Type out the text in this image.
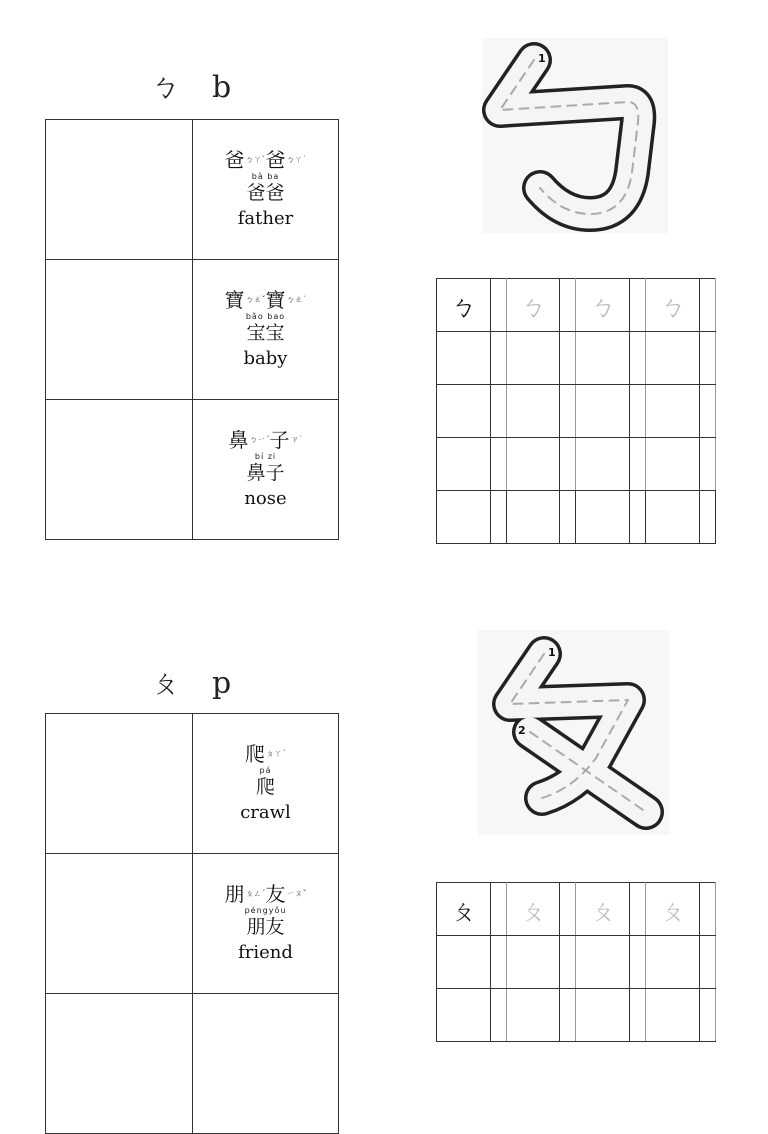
ㄅ b

	爸$^{ㄅㄚˋ}$爸$^{ㄅㄚ˙}$
bà ba
爸爸
father

	寶$^{ㄅㄠˇ}$寶$^{ㄅㄠ˙}$
bǎo bao
宝宝
baby

	鼻$^{ㄅㄧˊ}$子$^{ㄗ˙}$
bí zi
鼻子
nose
1
ㄅ		ㄅ		ㄅ		ㄅ	

ㄆ p

	爬$^{ㄆㄚˊ}$
pá
爬
crawl

	朋$^{ㄆㄥˊ}$友$^{ㄧㄡˇ}$
péngyǒu
朋友
friend

1
2
ㄆ		ㄆ		ㄆ		ㄆ	
